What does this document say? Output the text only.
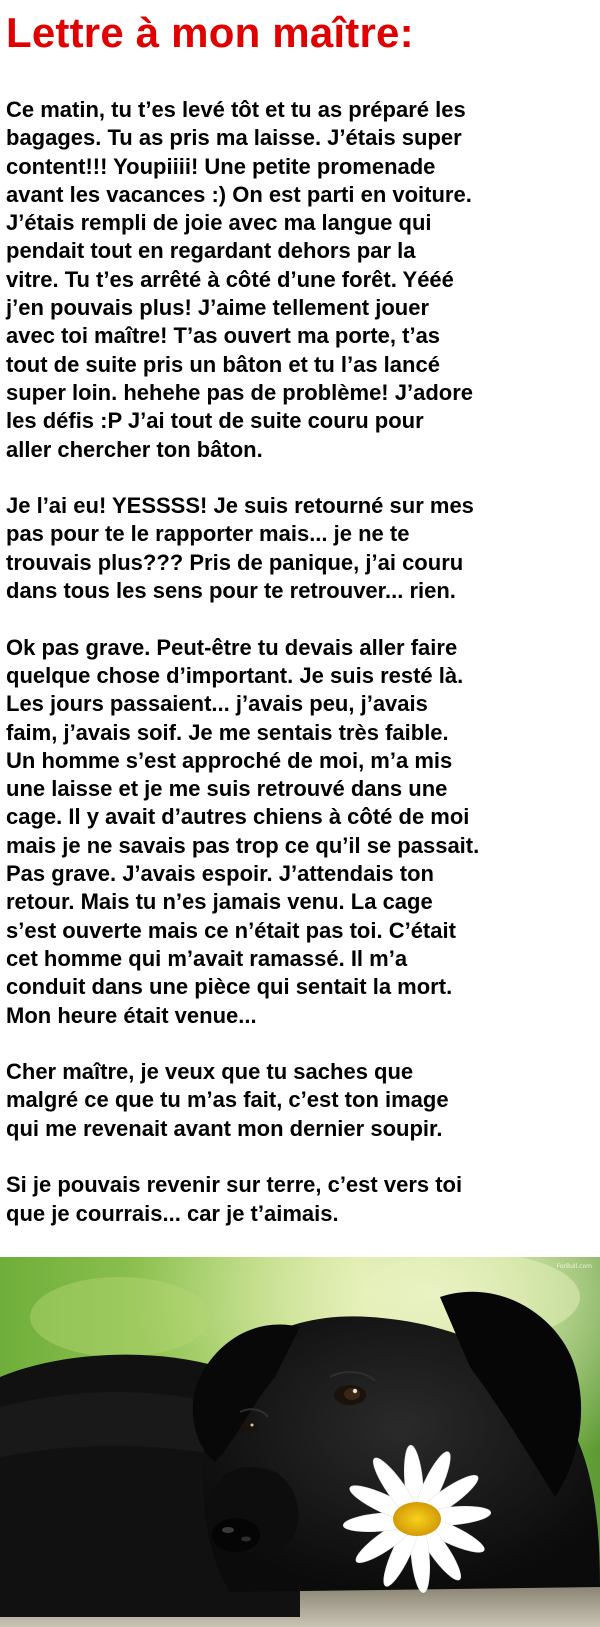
Lettre à mon maître:

Ce matin, tu t’es levé tôt et tu as préparé les
bagages. Tu as pris ma laisse. J’étais super
content!!! Youpiiii! Une petite promenade
avant les vacances :) On est parti en voiture.
J’étais rempli de joie avec ma langue qui
pendait tout en regardant dehors par la
vitre. Tu t’es arrêté à côté d’une forêt. Yééé
j’en pouvais plus! J’aime tellement jouer
avec toi maître! T’as ouvert ma porte, t’as
tout de suite pris un bâton et tu l’as lancé
super loin. hehehe pas de problème! J’adore
les défis :P J’ai tout de suite couru pour
aller chercher ton bâton.

Je l’ai eu! YESSSS! Je suis retourné sur mes
pas pour te le rapporter mais... je ne te
trouvais plus??? Pris de panique, j’ai couru
dans tous les sens pour te retrouver... rien.

Ok pas grave. Peut-être tu devais aller faire
quelque chose d’important. Je suis resté là.
Les jours passaient... j’avais peu, j’avais
faim, j’avais soif. Je me sentais très faible.
Un homme s’est approché de moi, m’a mis
une laisse et je me suis retrouvé dans une
cage. Il y avait d’autres chiens à côté de moi
mais je ne savais pas trop ce qu’il se passait.
Pas grave. J’avais espoir. J’attendais ton
retour. Mais tu n’es jamais venu. La cage
s’est ouverte mais ce n’était pas toi. C’était
cet homme qui m’avait ramassé. Il m’a
conduit dans une pièce qui sentait la mort.
Mon heure était venue...

Cher maître, je veux que tu saches que
malgré ce que tu m’as fait, c’est ton image
qui me revenait avant mon dernier soupir.

Si je pouvais revenir sur terre, c’est vers toi
que je courrais... car je t’aimais.

ForBull.com
